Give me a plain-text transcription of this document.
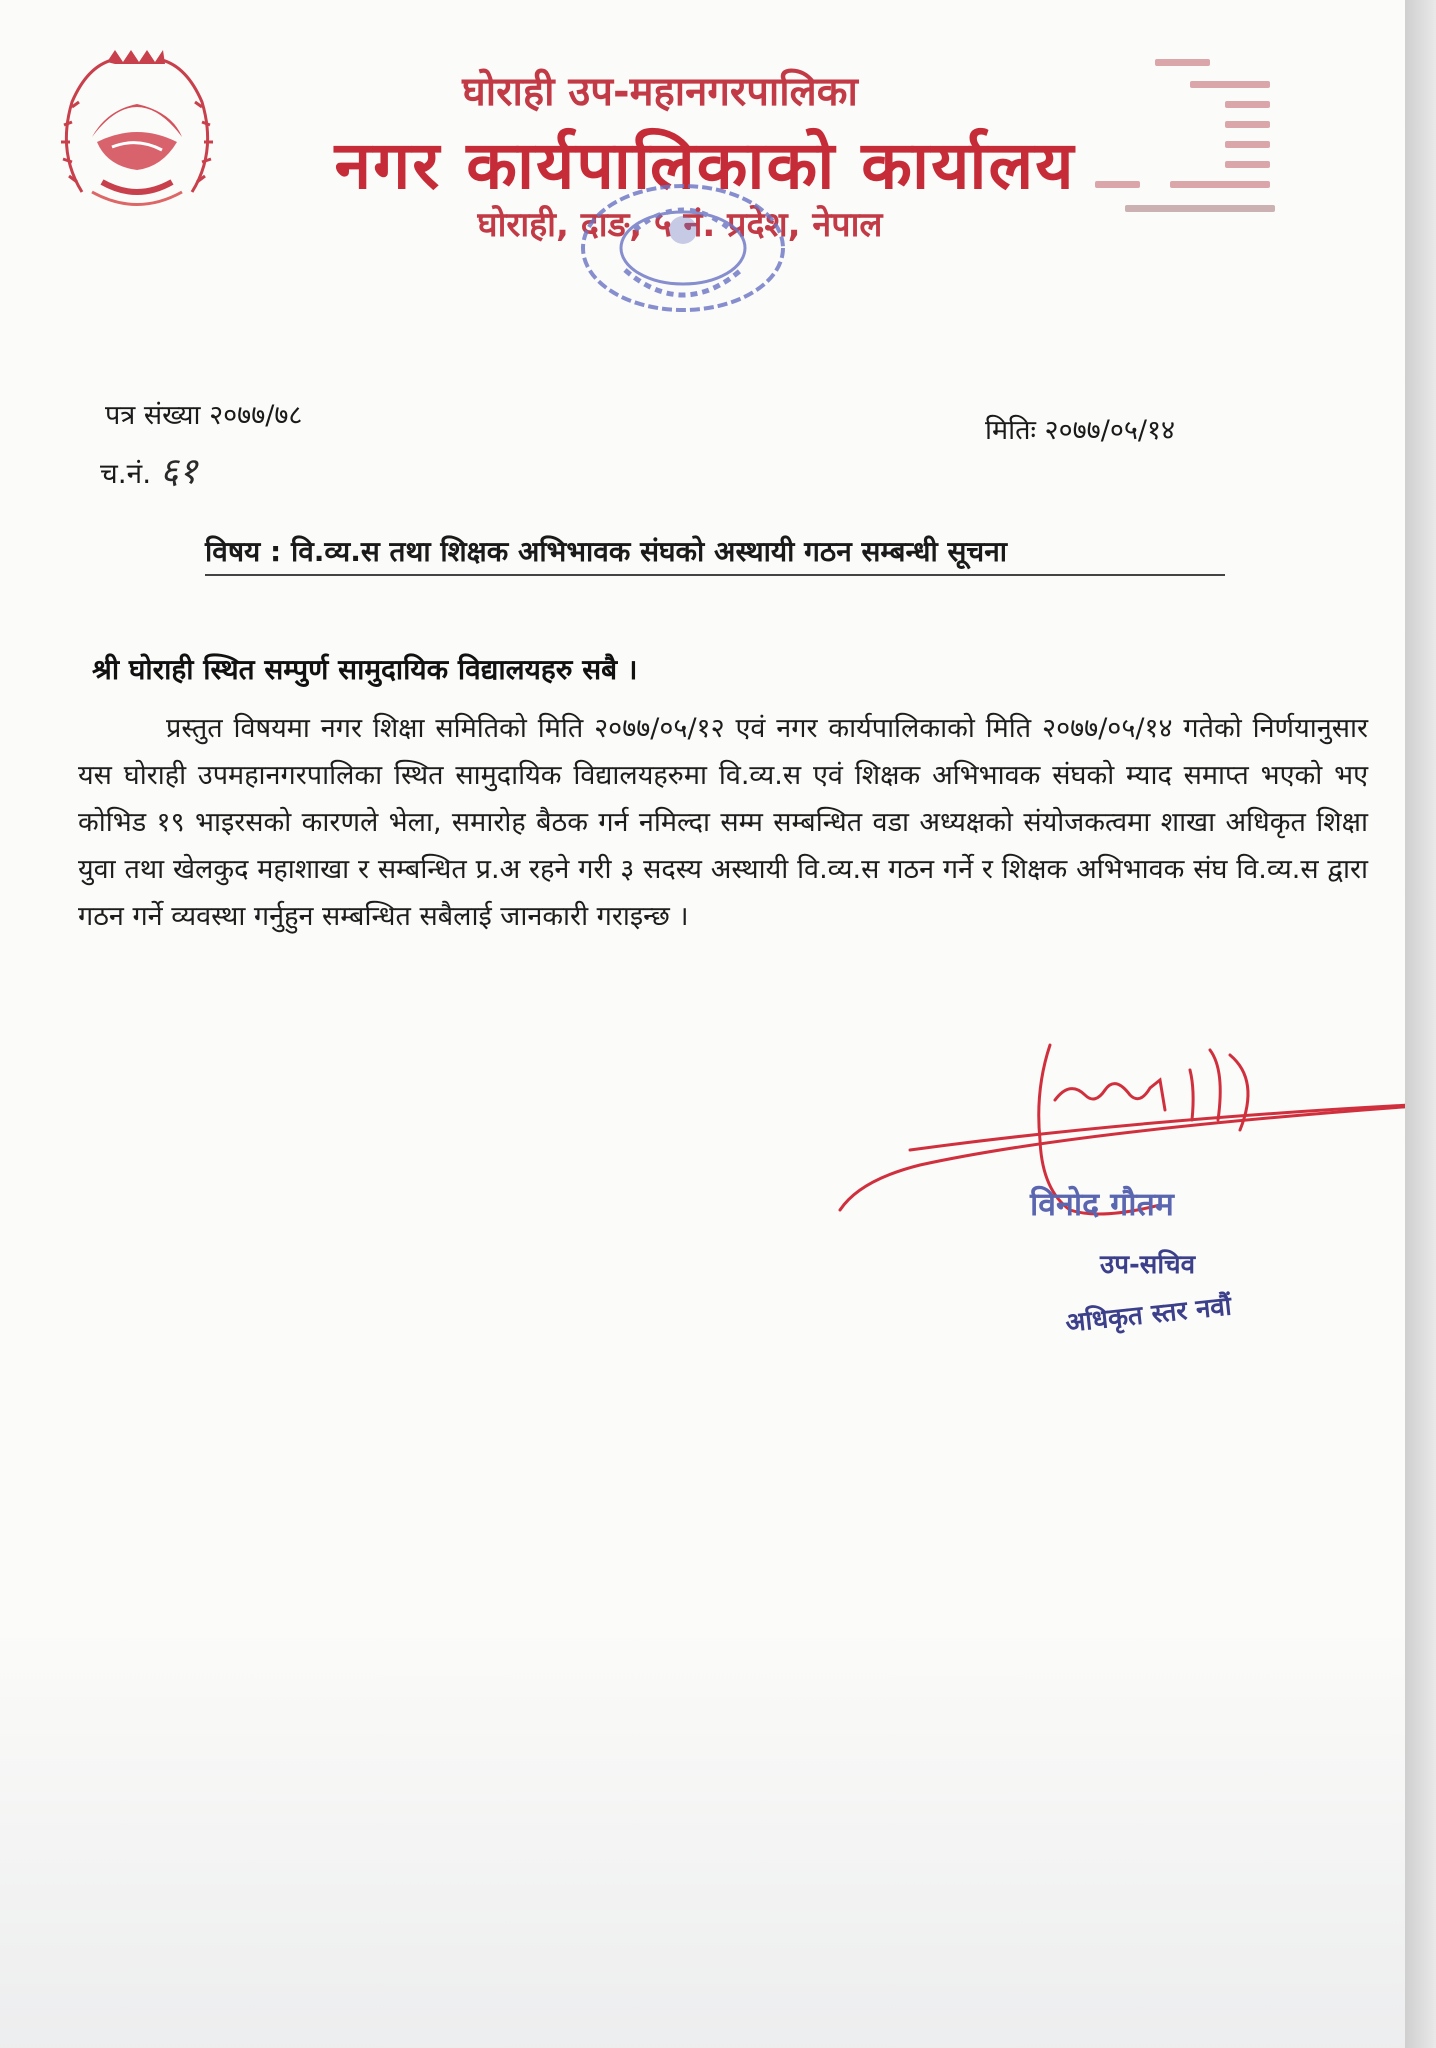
घोराही उप-महानगरपालिका
नगर कार्यपालिकाको कार्यालय
घोराही, दाङ, ५ नं. प्रदेश, नेपाल
पत्र संख्या २०७७/७८
च.नं. ६१
मितिः २०७७/०५/१४
विषय : वि.व्य.स तथा शिक्षक अभिभावक संघको अस्थायी गठन सम्बन्धी सूचना
श्री घोराही स्थित सम्पुर्ण सामुदायिक विद्यालयहरु सबै ।

प्रस्तुत विषयमा नगर शिक्षा समितिको मिति २०७७/०५/१२ एवं नगर कार्यपालिकाको मिति २०७७/०५/१४ गतेको निर्णयानुसार यस घोराही उपमहानगरपालिका स्थित सामुदायिक विद्यालयहरुमा वि.व्य.स एवं शिक्षक अभिभावक संघको म्याद समाप्त भएको भए कोभिड १९ भाइरसको कारणले भेला, समारोह बैठक गर्न नमिल्दा सम्म सम्बन्धित वडा अध्यक्षको संयोजकत्वमा शाखा अधिकृत शिक्षा युवा तथा खेलकुद महाशाखा र सम्बन्धित प्र.अ रहने गरी ३ सदस्य अस्थायी वि.व्य.स गठन गर्ने र शिक्षक अभिभावक संघ वि.व्य.स द्वारा गठन गर्ने व्यवस्था गर्नुहुन सम्बन्धित सबैलाई जानकारी गराइन्छ ।

विनोद गौतम
उप-सचिव
अधिकृत स्तर नवौं
